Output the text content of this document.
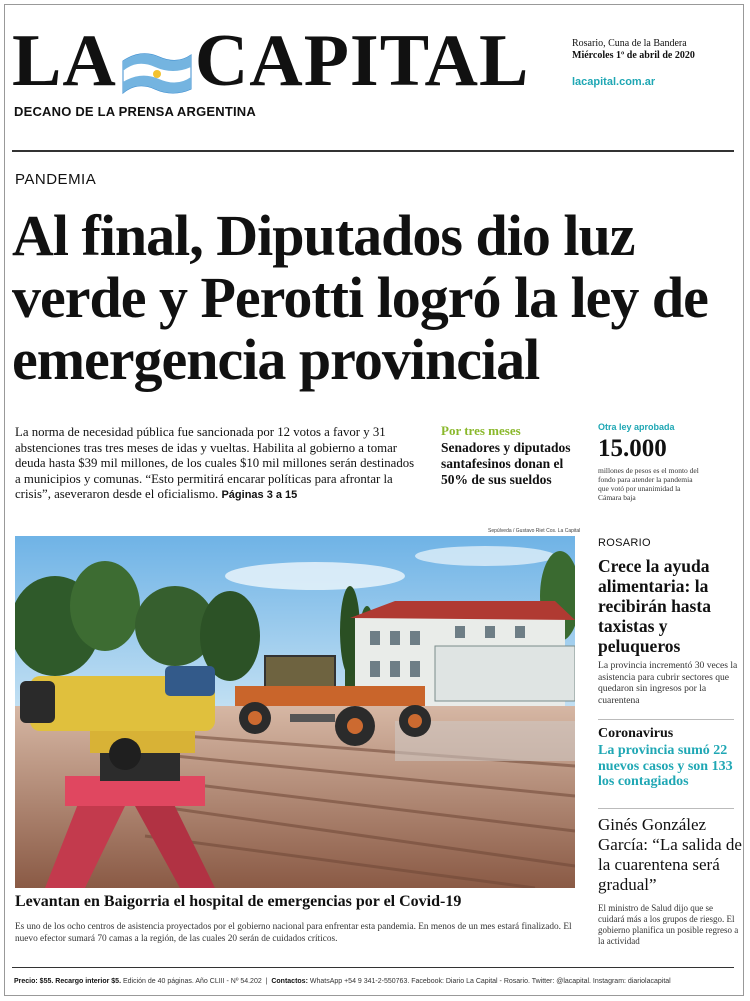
LA CAPITAL
DECANO DE LA PRENSA ARGENTINA
Rosario, Cuna de la Bandera
Miércoles 1º de abril de 2020
lacapital.com.ar
PANDEMIA
Al final, Diputados dio luz verde y Perotti logró la ley de emergencia provincial
La norma de necesidad pública fue sancionada por 12 votos a favor y 31 abstenciones tras tres meses de idas y vueltas. Habilita al gobierno a tomar deuda hasta $39 mil millones, de los cuales $10 mil millones serán destinados a municipios y comunas. “Esto permitirá encarar políticas para afrontar la crisis”, aseveraron desde el oficialismo. Páginas 3 a 15
Por tres meses
Senadores y diputados santafesinos donan el 50% de sus sueldos
Otra ley aprobada
15.000
millones de pesos es el monto del fondo para atender la pandemia que votó por unanimidad la Cámara baja
Sepúlveda / Gustavo Riet Cos. La Capital
Levantan en Baigorria el hospital de emergencias por el Covid-19
Es uno de los ocho centros de asistencia proyectados por el gobierno nacional para enfrentar esta pandemia. En menos de un mes estará finalizado. El nuevo efector sumará 70 camas a la región, de las cuales 20 serán de cuidados críticos.
ROSARIO
Crece la ayuda alimentaria: la recibirán hasta taxistas y peluqueros
La provincia incrementó 30 veces la asistencia para cubrir sectores que quedaron sin ingresos por la cuarentena
Coronavirus
La provincia sumó 22 nuevos casos y son 133 los contagiados
Ginés González García: “La salida de la cuarentena será gradual”
El ministro de Salud dijo que se cuidará más a los grupos de riesgo. El gobierno planifica un posible regreso a la actividad
Precio: $55. Recargo interior $5. Edición de 40 páginas. Año CLIII - Nº 54.202  |  Contactos: WhatsApp +54 9 341-2-550763. Facebook: Diario La Capital - Rosario. Twitter: @lacapital. Instagram: diariolacapital
